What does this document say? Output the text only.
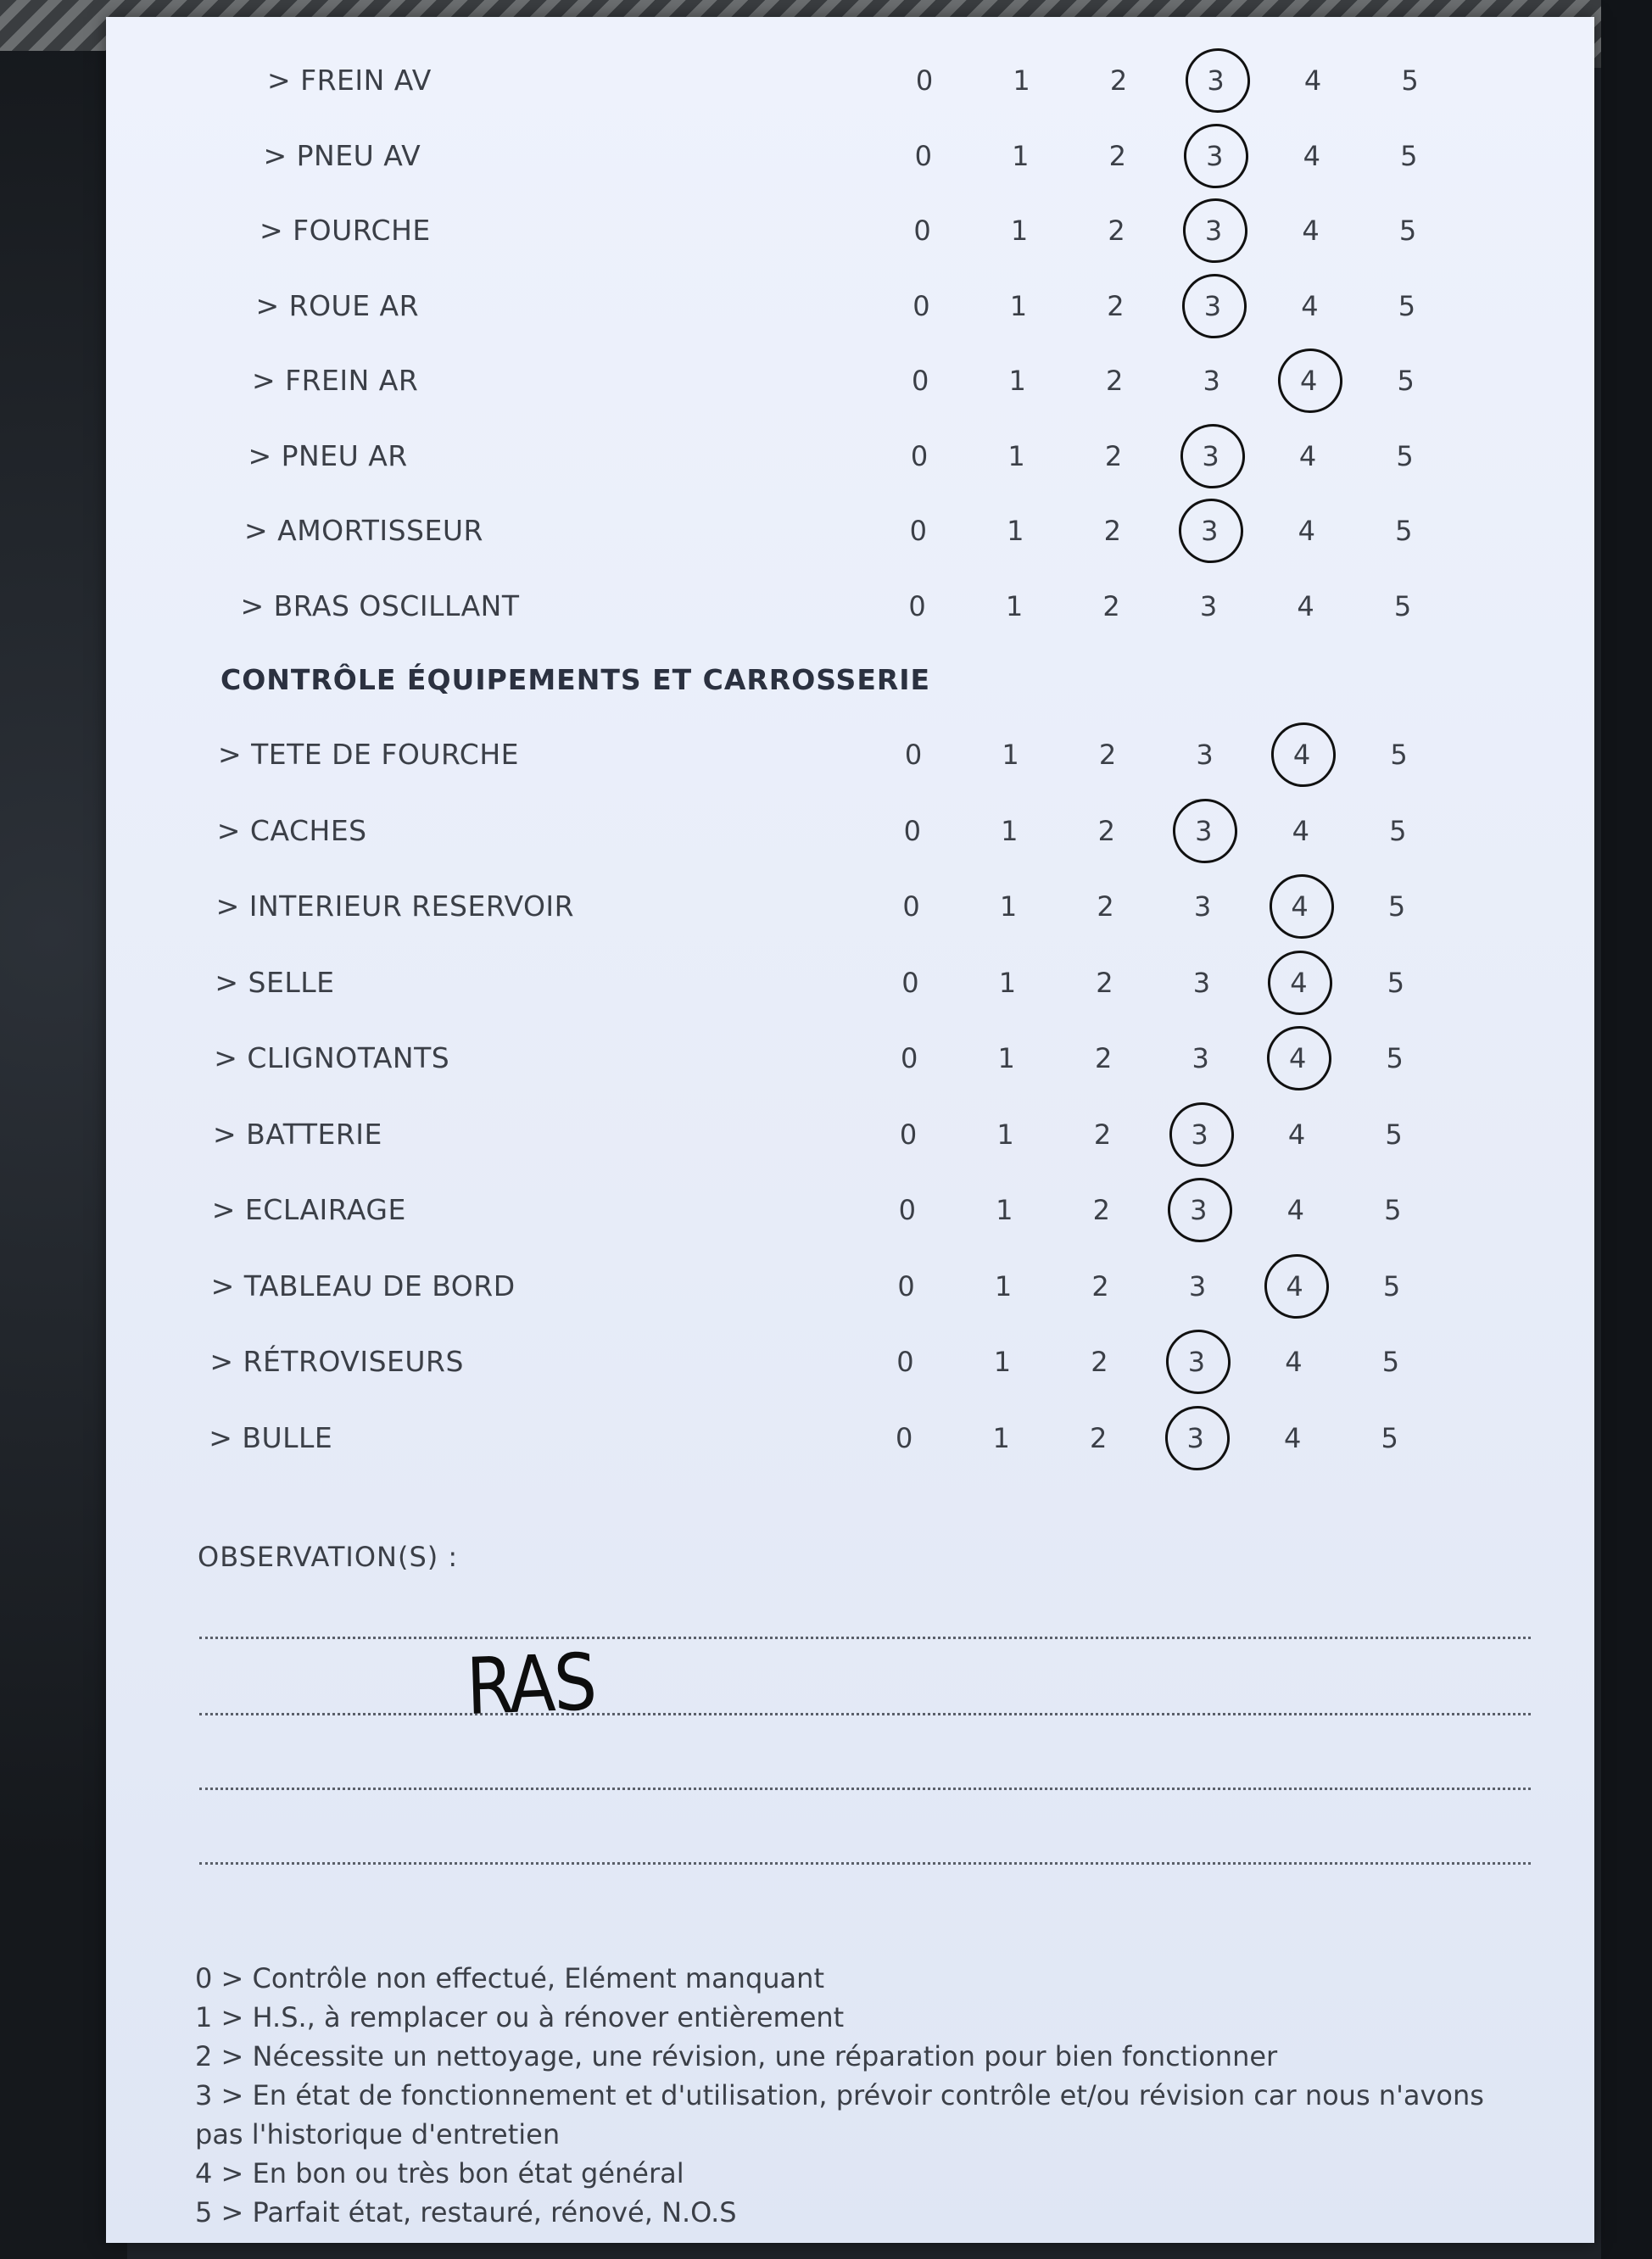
> FREIN AV	0	1	2	3	4	5
> PNEU AV	0	1	2	3	4	5
> FOURCHE	0	1	2	3	4	5
> ROUE AR	0	1	2	3	4	5
> FREIN AR	0	1	2	3	4	5
> PNEU AR	0	1	2	3	4	5
> AMORTISSEUR	0	1	2	3	4	5
> BRAS OSCILLANT	0	1	2	3	4	5
CONTRÔLE ÉQUIPEMENTS ET CARROSSERIE
> TETE DE FOURCHE	0	1	2	3	4	5
> CACHES	0	1	2	3	4	5
> INTERIEUR RESERVOIR	0	1	2	3	4	5
> SELLE	0	1	2	3	4	5
> CLIGNOTANTS	0	1	2	3	4	5
> BATTERIE	0	1	2	3	4	5
> ECLAIRAGE	0	1	2	3	4	5
> TABLEAU DE BORD	0	1	2	3	4	5
> RÉTROVISEURS	0	1	2	3	4	5
> BULLE	0	1	2	3	4	5
OBSERVATION(S) :
RAS
0 > Contrôle non effectué, Elément manquant
1 > H.S., à remplacer ou à rénover entièrement
2 > Nécessite un nettoyage, une révision, une réparation pour bien fonctionner
3 > En état de fonctionnement et d'utilisation, prévoir contrôle et/ou révision car nous n'avons pas l'historique d'entretien
4 > En bon ou très bon état général
5 > Parfait état, restauré, rénové, N.O.S
